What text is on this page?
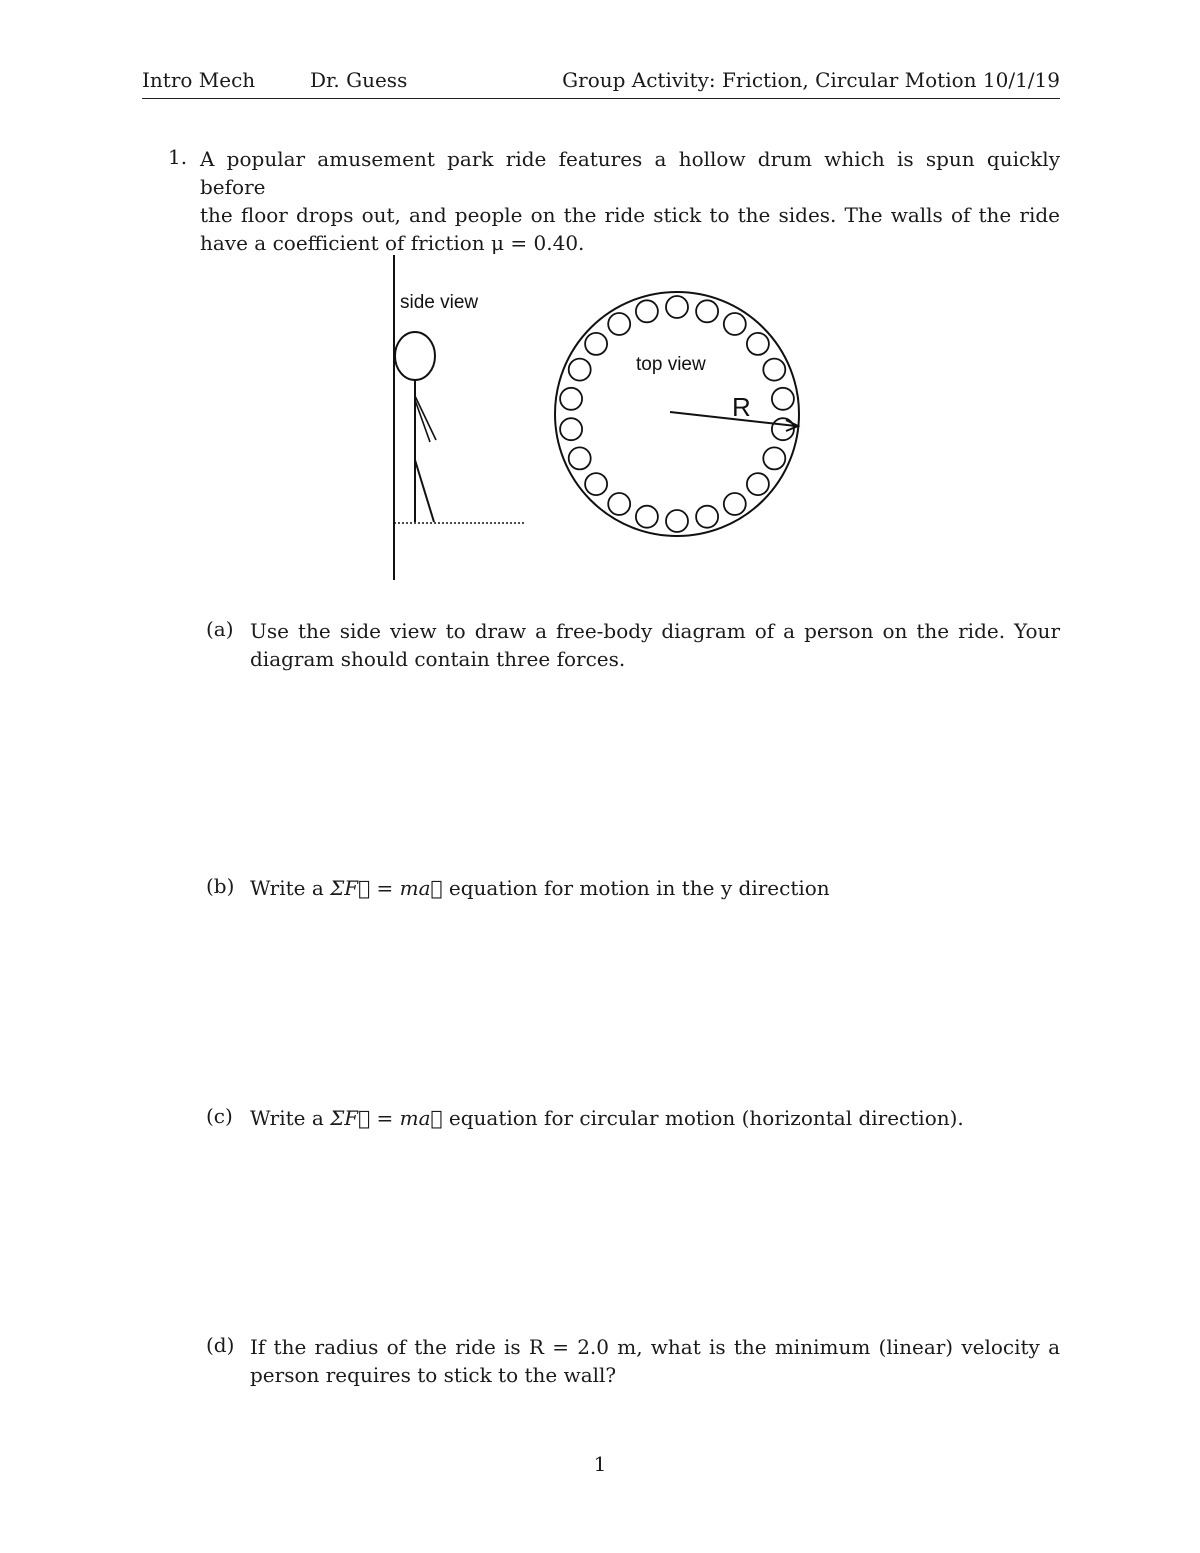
Intro Mech	Dr. Guess	Group Activity: Friction, Circular Motion 10/1/19
1. A popular amusement park ride features a hollow drum which is spun quickly before
the floor drops out, and people on the ride stick to the sides. The walls of the ride
have a coefficient of friction μ = 0.40.
side view
top view
R
(a) Use the side view to draw a free-body diagram of a person on the ride. Your
diagram should contain three forces.
(b) Write a ΣF⃗ = ma⃗ equation for motion in the y direction
(c) Write a ΣF⃗ = ma⃗ equation for circular motion (horizontal direction).
(d) If the radius of the ride is R = 2.0 m, what is the minimum (linear) velocity a
person requires to stick to the wall?
1
